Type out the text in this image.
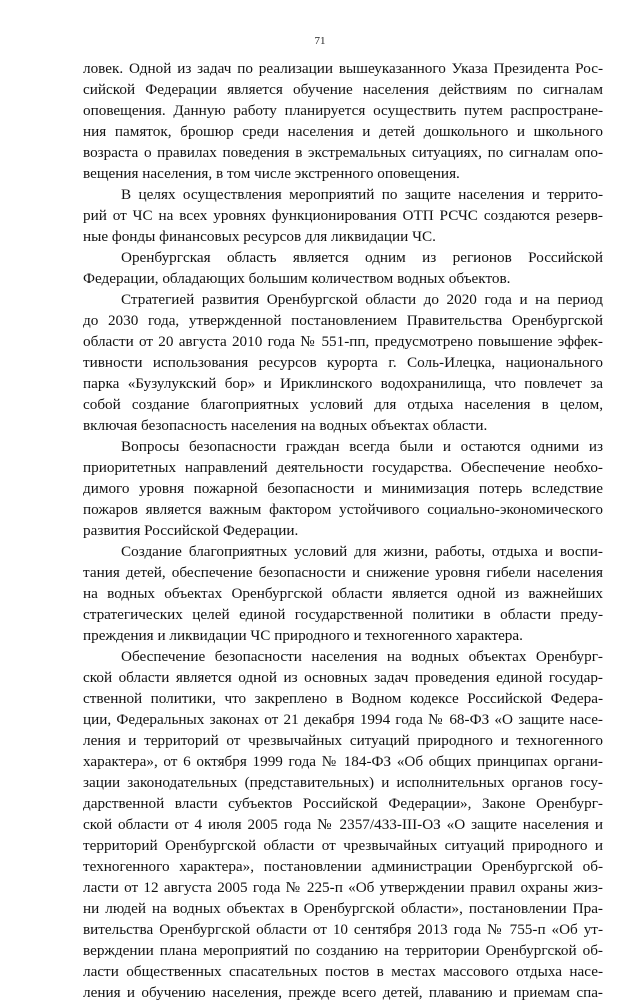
71
ловек. Одной из задач по реализации вышеуказанного Указа Президента Рос-
сийской Федерации является обучение населения действиям по сигналам
оповещения. Данную работу планируется осуществить путем распростране-
ния памяток, брошюр среди населения и детей дошкольного и школьного
возраста о правилах поведения в экстремальных ситуациях, по сигналам опо-
вещения населения, в том числе экстренного оповещения.
В целях осуществления мероприятий по защите населения и террито-
рий от ЧС на всех уровнях функционирования ОТП РСЧС создаются резерв-
ные фонды финансовых ресурсов для ликвидации ЧС.
Оренбургская область является одним из регионов Российской
Федерации, обладающих большим количеством водных объектов.
Стратегией развития Оренбургской области до 2020 года и на период
до 2030 года, утвержденной постановлением Правительства Оренбургской
области от 20 августа 2010 года № 551-пп, предусмотрено повышение эффек-
тивности использования ресурсов курорта г. Соль-Илецка, национального
парка «Бузулукский бор» и Ириклинского водохранилища, что повлечет за
собой создание благоприятных условий для отдыха населения в целом,
включая безопасность населения на водных объектах области.
Вопросы безопасности граждан всегда были и остаются одними из
приоритетных направлений деятельности государства. Обеспечение необхо-
димого уровня пожарной безопасности и минимизация потерь вследствие
пожаров является важным фактором устойчивого социально-экономического
развития Российской Федерации.
Создание благоприятных условий для жизни, работы, отдыха и воспи-
тания детей, обеспечение безопасности и снижение уровня гибели населения
на водных объектах Оренбургской области является одной из важнейших
стратегических целей единой государственной политики в области преду-
преждения и ликвидации ЧС природного и техногенного характера.
Обеспечение безопасности населения на водных объектах Оренбург-
ской области является одной из основных задач проведения единой государ-
ственной политики, что закреплено в Водном кодексе Российской Федера-
ции, Федеральных законах от 21 декабря 1994 года № 68-ФЗ «О защите насе-
ления и территорий от чрезвычайных ситуаций природного и техногенного
характера», от 6 октября 1999 года № 184-ФЗ «Об общих принципах органи-
зации законодательных (представительных) и исполнительных органов госу-
дарственной власти субъектов Российской Федерации», Законе Оренбург-
ской области от 4 июля 2005 года № 2357/433-III-ОЗ «О защите населения и
территорий Оренбургской области от чрезвычайных ситуаций природного и
техногенного характера», постановлении администрации Оренбургской об-
ласти от 12 августа 2005 года № 225-п «Об утверждении правил охраны жиз-
ни людей на водных объектах в Оренбургской области», постановлении Пра-
вительства Оренбургской области от 10 сентября 2013 года № 755-п «Об ут-
верждении плана мероприятий по созданию на территории Оренбургской об-
ласти общественных спасательных постов в местах массового отдыха насе-
ления и обучению населения, прежде всего детей, плаванию и приемам спа-
